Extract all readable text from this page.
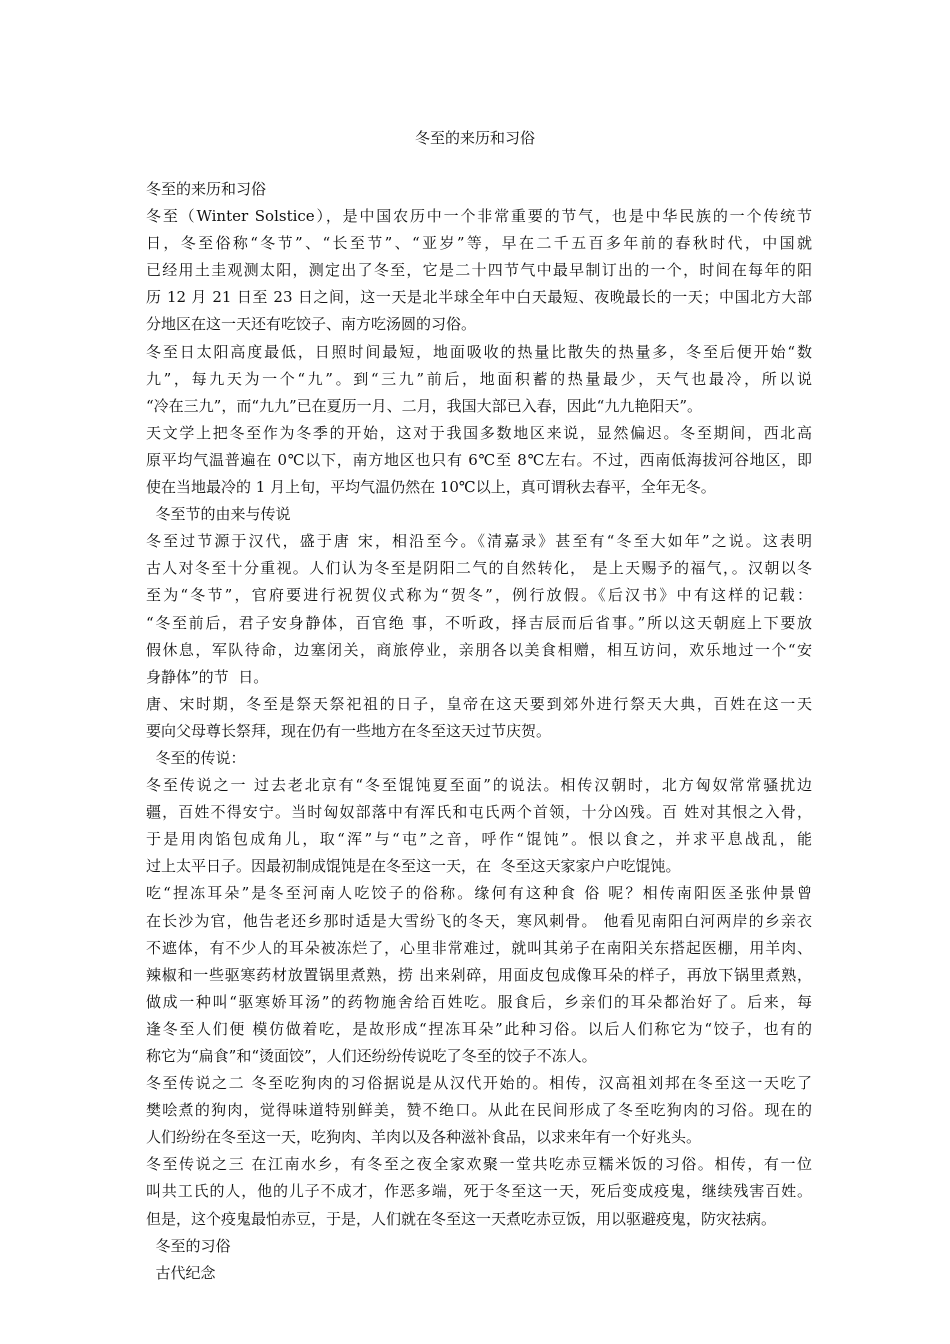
冬至的来历和习俗
冬至的来历和习俗
冬至（Winter Solstice），是中国农历中一个非常重要的节气，也是中华民族的一个传统节
日，冬至俗称“冬节”、“长至节”、“亚岁”等，早在二千五百多年前的春秋时代，中国就
已经用土圭观测太阳，测定出了冬至，它是二十四节气中最早制订出的一个，时间在每年的阳
历 12 月 21 日至 23 日之间，这一天是北半球全年中白天最短、夜晚最长的一天；中国北方大部
分地区在这一天还有吃饺子、南方吃汤圆的习俗。
冬至日太阳高度最低，日照时间最短，地面吸收的热量比散失的热量多，冬至后便开始“数
九”，每九天为一个“九”。到“三九”前后，地面积蓄的热量最少，天气也最冷，所以说
“冷在三九”，而“九九”已在夏历一月、二月，我国大部已入春，因此“九九艳阳天”。
天文学上把冬至作为冬季的开始，这对于我国多数地区来说，显然偏迟。冬至期间，西北高
原平均气温普遍在 0℃以下，南方地区也只有 6℃至 8℃左右。不过，西南低海拔河谷地区，即
使在当地最冷的 1 月上旬，平均气温仍然在 10℃以上，真可谓秋去春平，全年无冬。
冬至节的由来与传说
冬至过节源于汉代，盛于唐 宋，相沿至今。《清嘉录》甚至有“冬至大如年”之说。这表明
古人对冬至十分重视。人们认为冬至是阴阳二气的自然转化， 是上天赐予的福气，。汉朝以冬
至为“冬节”，官府要进行祝贺仪式称为“贺冬”，例行放假。《后汉书》中有这样的记载：
“冬至前后，君子安身静体，百官绝 事，不听政，择吉辰而后省事。”所以这天朝庭上下要放
假休息，军队待命，边塞闭关，商旅停业，亲朋各以美食相赠，相互访问，欢乐地过一个“安
身静体”的节  日。
唐、宋时期，冬至是祭天祭祀祖的日子，皇帝在这天要到郊外进行祭天大典，百姓在这一天
要向父母尊长祭拜，现在仍有一些地方在冬至这天过节庆贺。
冬至的传说：
冬至传说之一 过去老北京有“冬至馄饨夏至面”的说法。相传汉朝时，北方匈奴常常骚扰边
疆，百姓不得安宁。当时匈奴部落中有浑氏和屯氏两个首领，十分凶残。百 姓对其恨之入骨，
于是用肉馅包成角儿，取“浑”与“屯”之音，呼作“馄饨”。恨以食之，并求平息战乱，能
过上太平日子。因最初制成馄饨是在冬至这一天，在  冬至这天家家户户吃馄饨。
吃“捏冻耳朵”是冬至河南人吃饺子的俗称。缘何有这种食 俗 呢？相传南阳医圣张仲景曾
在长沙为官，他告老还乡那时适是大雪纷飞的冬天，寒风刺骨。 他看见南阳白河两岸的乡亲衣
不遮体，有不少人的耳朵被冻烂了，心里非常难过，就叫其弟子在南阳关东搭起医棚，用羊肉、
辣椒和一些驱寒药材放置锅里煮熟，捞 出来剁碎，用面皮包成像耳朵的样子，再放下锅里煮熟，
做成一种叫“驱寒娇耳汤”的药物施舍给百姓吃。服食后，乡亲们的耳朵都治好了。后来，每
逢冬至人们便 模仿做着吃，是故形成“捏冻耳朵”此种习俗。以后人们称它为“饺子，也有的
称它为“扁食”和“烫面饺”，人们还纷纷传说吃了冬至的饺子不冻人。
冬至传说之二 冬至吃狗肉的习俗据说是从汉代开始的。相传，汉高祖刘邦在冬至这一天吃了
樊哙煮的狗肉，觉得味道特别鲜美，赞不绝口。从此在民间形成了冬至吃狗肉的习俗。现在的
人们纷纷在冬至这一天，吃狗肉、羊肉以及各种滋补食品，以求来年有一个好兆头。
冬至传说之三 在江南水乡，有冬至之夜全家欢聚一堂共吃赤豆糯米饭的习俗。相传，有一位
叫共工氏的人，他的儿子不成才，作恶多端，死于冬至这一天，死后变成疫鬼，继续残害百姓。
但是，这个疫鬼最怕赤豆，于是，人们就在冬至这一天煮吃赤豆饭，用以驱避疫鬼，防灾祛病。
冬至的习俗
古代纪念
